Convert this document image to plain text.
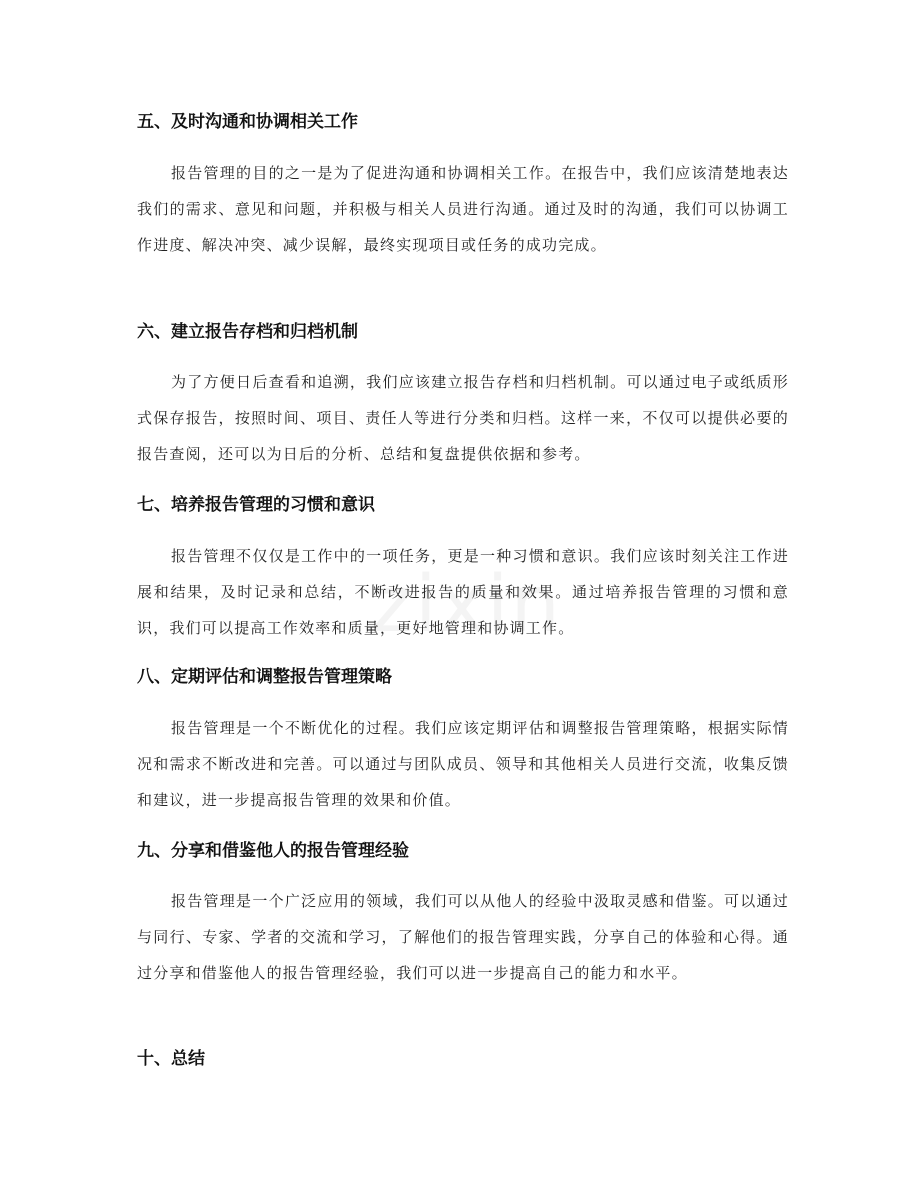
五、及时沟通和协调相关工作

报告管理的目的之一是为了促进沟通和协调相关工作。在报告中，我们应该清楚地表达我们的需求、意见和问题，并积极与相关人员进行沟通。通过及时的沟通，我们可以协调工作进度、解决冲突、减少误解，最终实现项目或任务的成功完成。

六、建立报告存档和归档机制

为了方便日后查看和追溯，我们应该建立报告存档和归档机制。可以通过电子或纸质形式保存报告，按照时间、项目、责任人等进行分类和归档。这样一来，不仅可以提供必要的报告查阅，还可以为日后的分析、总结和复盘提供依据和参考。

七、培养报告管理的习惯和意识

报告管理不仅仅是工作中的一项任务，更是一种习惯和意识。我们应该时刻关注工作进展和结果，及时记录和总结，不断改进报告的质量和效果。通过培养报告管理的习惯和意识，我们可以提高工作效率和质量，更好地管理和协调工作。

八、定期评估和调整报告管理策略

报告管理是一个不断优化的过程。我们应该定期评估和调整报告管理策略，根据实际情况和需求不断改进和完善。可以通过与团队成员、领导和其他相关人员进行交流，收集反馈和建议，进一步提高报告管理的效果和价值。

九、分享和借鉴他人的报告管理经验

报告管理是一个广泛应用的领域，我们可以从他人的经验中汲取灵感和借鉴。可以通过与同行、专家、学者的交流和学习，了解他们的报告管理实践，分享自己的体验和心得。通过分享和借鉴他人的报告管理经验，我们可以进一步提高自己的能力和水平。

十、总结
